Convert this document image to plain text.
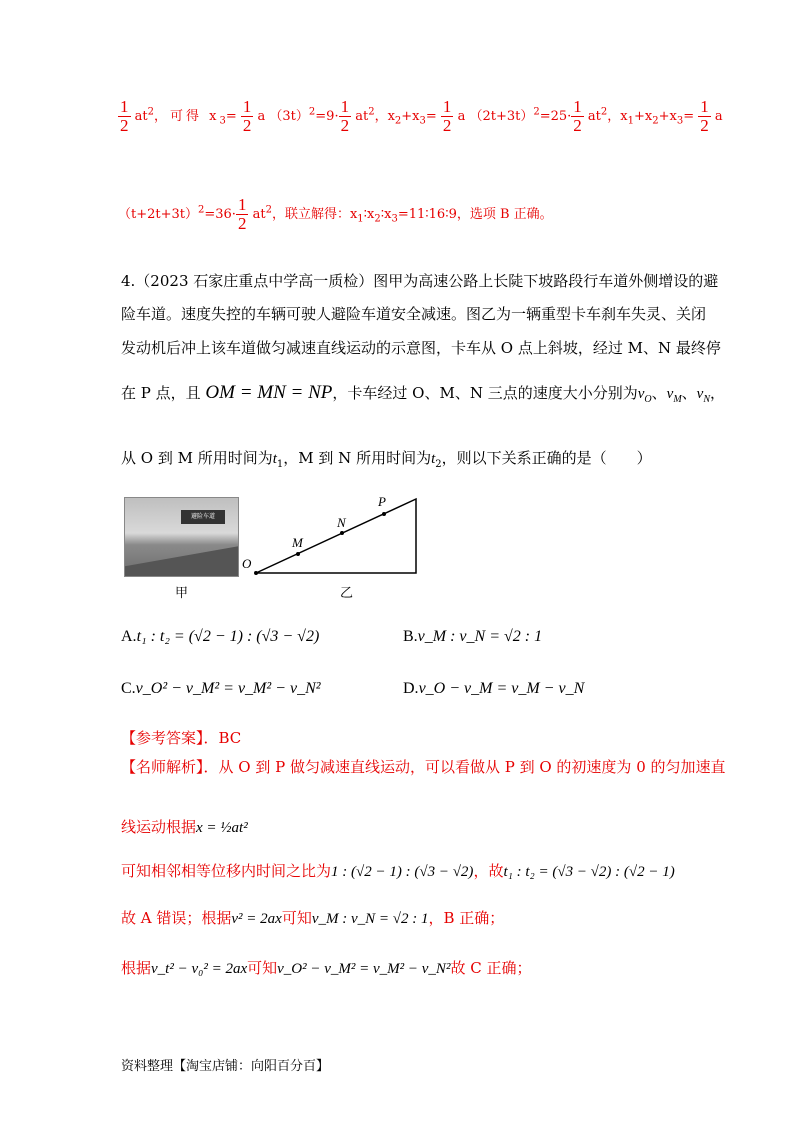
$\frac{1}{2} at^2$，可得 $x_3= \frac{1}{2}$ a $(3t)^2=9\cdot \frac{1}{2} at^2$，$x_2+x_3= \frac{1}{2}$ a $(2t+3t)^2=25\cdot \frac{1}{2} at^2$，$x_1+x_2+x_3= \frac{1}{2}$ a
$(t+2t+3t)^2=36\cdot \frac{1}{2} at^2$，联立解得：$x_1∶x_2∶x_3=11∶16∶9$，选项 B 正确。
4.（2023 石家庄重点中学高一质检）图甲为高速公路上长陡下坡路段行车道外侧增设的避
险车道。速度失控的车辆可驶人避险车道安全减速。图乙为一辆重型卡车刹车失灵、关闭
发动机后冲上该车道做匀减速直线运动的示意图，卡车从 O 点上斜坡，经过 M、N 最终停
在 P 点，且 OM = MN = NP，卡车经过 O、M、N 三点的速度大小分别为$v_O$、$v_M$、$v_N$，
从 O 到 M 所用时间为$t_1$，M 到 N 所用时间为$t_2$，则以下关系正确的是（　　）
避险车道
O
M
N
P
甲	乙
A.t₁ : t₂ = (√2 − 1) : (√3 − √2)	B.v_M : v_N = √2 : 1
C.v_O² − v_M² = v_M² − v_N²	D.v_O − v_M = v_M − v_N
【参考答案】．BC
【名师解析】．从 O 到 P 做匀减速直线运动，可以看做从 P 到 O 的初速度为 0 的匀加速直
线运动根据x = ½at²
可知相邻相等位移内时间之比为1 : (√2 − 1) : (√3 − √2)，故t₁ : t₂ = (√3 − √2) : (√2 − 1)
故 A 错误；根据v² = 2ax可知v_M : v_N = √2 : 1，B 正确；
根据v_t² − v₀² = 2ax可知v_O² − v_M² = v_M² − v_N²故 C 正确；
资料整理【淘宝店铺：向阳百分百】
